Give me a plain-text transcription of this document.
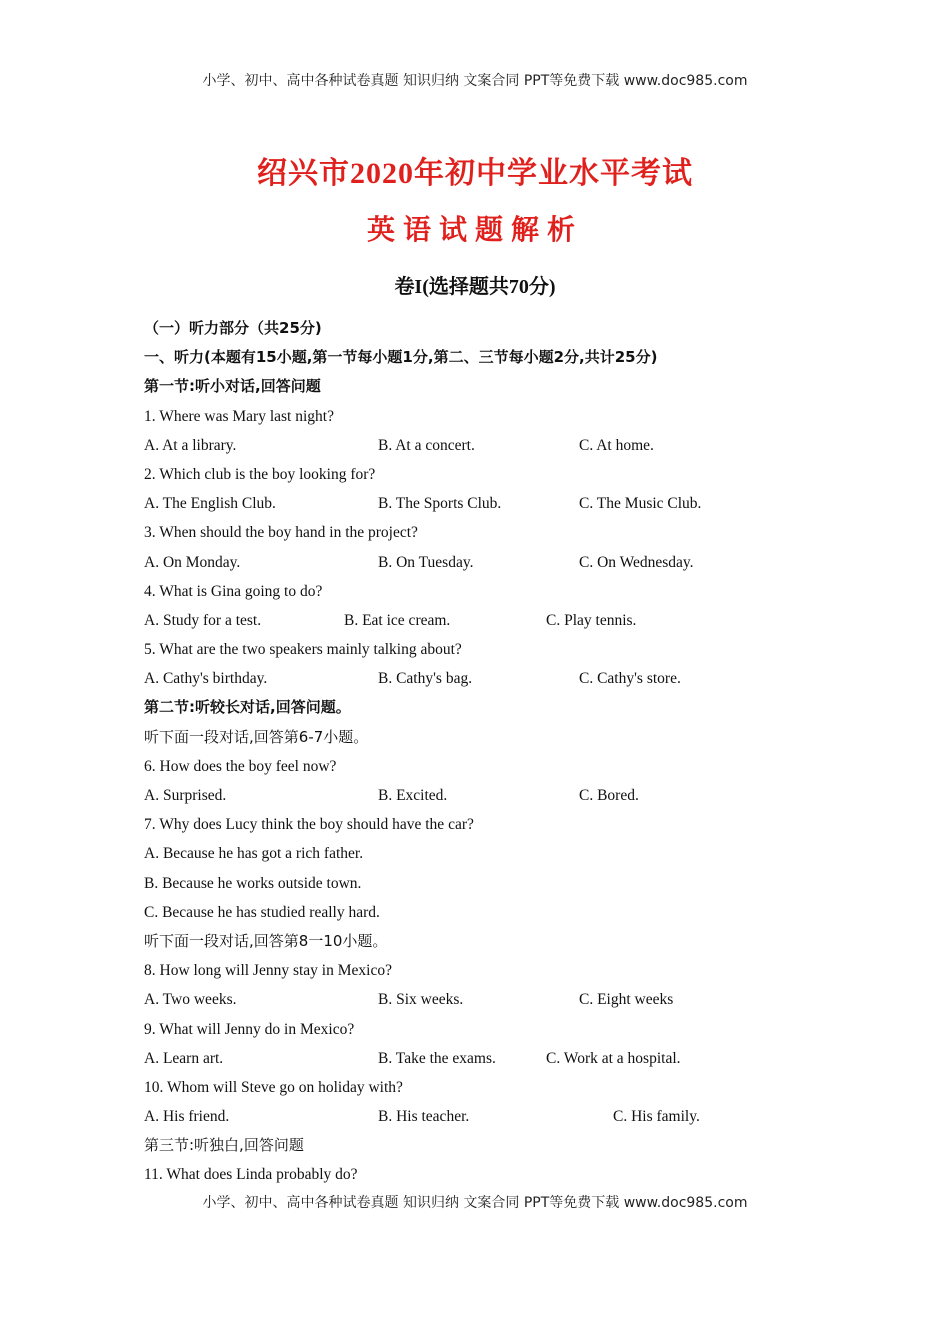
小学、初中、高中各种试卷真题 知识归纳 文案合同 PPT等免费下载 www.doc985.com
绍兴市2020年初中学业水平考试
英语试题解析
卷I(选择题共70分)
（一）听力部分（共25分)
一、听力(本题有15小题,第一节每小题1分,第二、三节每小题2分,共计25分)
第一节:听小对话,回答问题
1. Where was Mary last night?
A. At a library.	B. At a concert.	C. At home.
2. Which club is the boy looking for?
A. The English Club.	B. The Sports Club.	C. The Music Club.
3. When should the boy hand in the project?
A. On Monday.	B. On Tuesday.	C. On Wednesday.
4. What is Gina going to do?
A. Study for a test.	B. Eat ice cream.	C. Play tennis.
5. What are the two speakers mainly talking about?
A. Cathy's birthday.	B. Cathy's bag.	C. Cathy's store.
第二节:听较长对话,回答问题。
听下面一段对话,回答第6-7小题。
6. How does the boy feel now?
A. Surprised.	B. Excited.	C. Bored.
7. Why does Lucy think the boy should have the car?
A. Because he has got a rich father.
B. Because he works outside town.
C. Because he has studied really hard.
听下面一段对话,回答第8一10小题。
8. How long will Jenny stay in Mexico?
A. Two weeks.	B. Six weeks.	C. Eight weeks
9. What will Jenny do in Mexico?
A. Learn art.	B. Take the exams.	C. Work at a hospital.
10. Whom will Steve go on holiday with?
A. His friend.	B. His teacher.	C. His family.
第三节:听独白,回答问题
11. What does Linda probably do?
小学、初中、高中各种试卷真题 知识归纳 文案合同 PPT等免费下载 www.doc985.com
